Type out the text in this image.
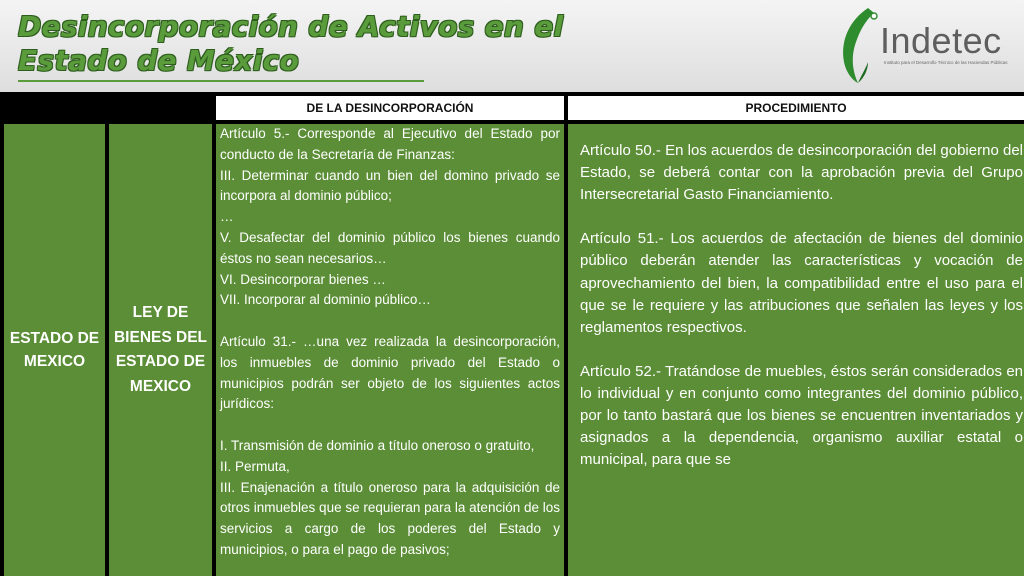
Desincorporación de Activos en el
Estado de México	Indetec
Instituto para el Desarrollo Técnico de las Haciendas Públicas
DE LA DESINCORPORACIÓN	PROCEDIMIENTO
ESTADO DE
MEXICO
LEY DE
BIENES DEL
ESTADO DE
MEXICO
Artículo 5.- Corresponde al Ejecutivo del Estado por conducto de la Secretaría de Finanzas:
III. Determinar cuando un bien del domino privado se incorpora al dominio público;
…
V. Desafectar del dominio público los bienes cuando éstos no sean necesarios…
VI. Desincorporar bienes …
VII. Incorporar al dominio público…

Artículo 31.- …una vez realizada la desincorporación, los inmuebles de dominio privado del Estado o municipios podrán ser objeto de los siguientes actos jurídicos:

I. Transmisión de dominio a título oneroso o gratuito,
II. Permuta,
III. Enajenación a título oneroso para la adquisición de otros inmuebles que se requieran para la atención de los servicios a cargo de los poderes del Estado y municipios, o para el pago de pasivos;
Artículo 50.- En los acuerdos de desincorporación del gobierno del Estado, se deberá contar con la aprobación previa del Grupo Intersecretarial Gasto Financiamiento.

Artículo 51.- Los acuerdos de afectación de bienes del dominio público deberán atender las características y vocación de aprovechamiento del bien, la compatibilidad entre el uso para el que se le requiere y las atribuciones que señalen las leyes y los reglamentos respectivos.

Artículo 52.- Tratándose de muebles, éstos serán considerados en lo individual y en conjunto como integrantes del dominio público, por lo tanto bastará que los bienes se encuentren inventariados y asignados a la dependencia, organismo auxiliar estatal o municipal, para que se
